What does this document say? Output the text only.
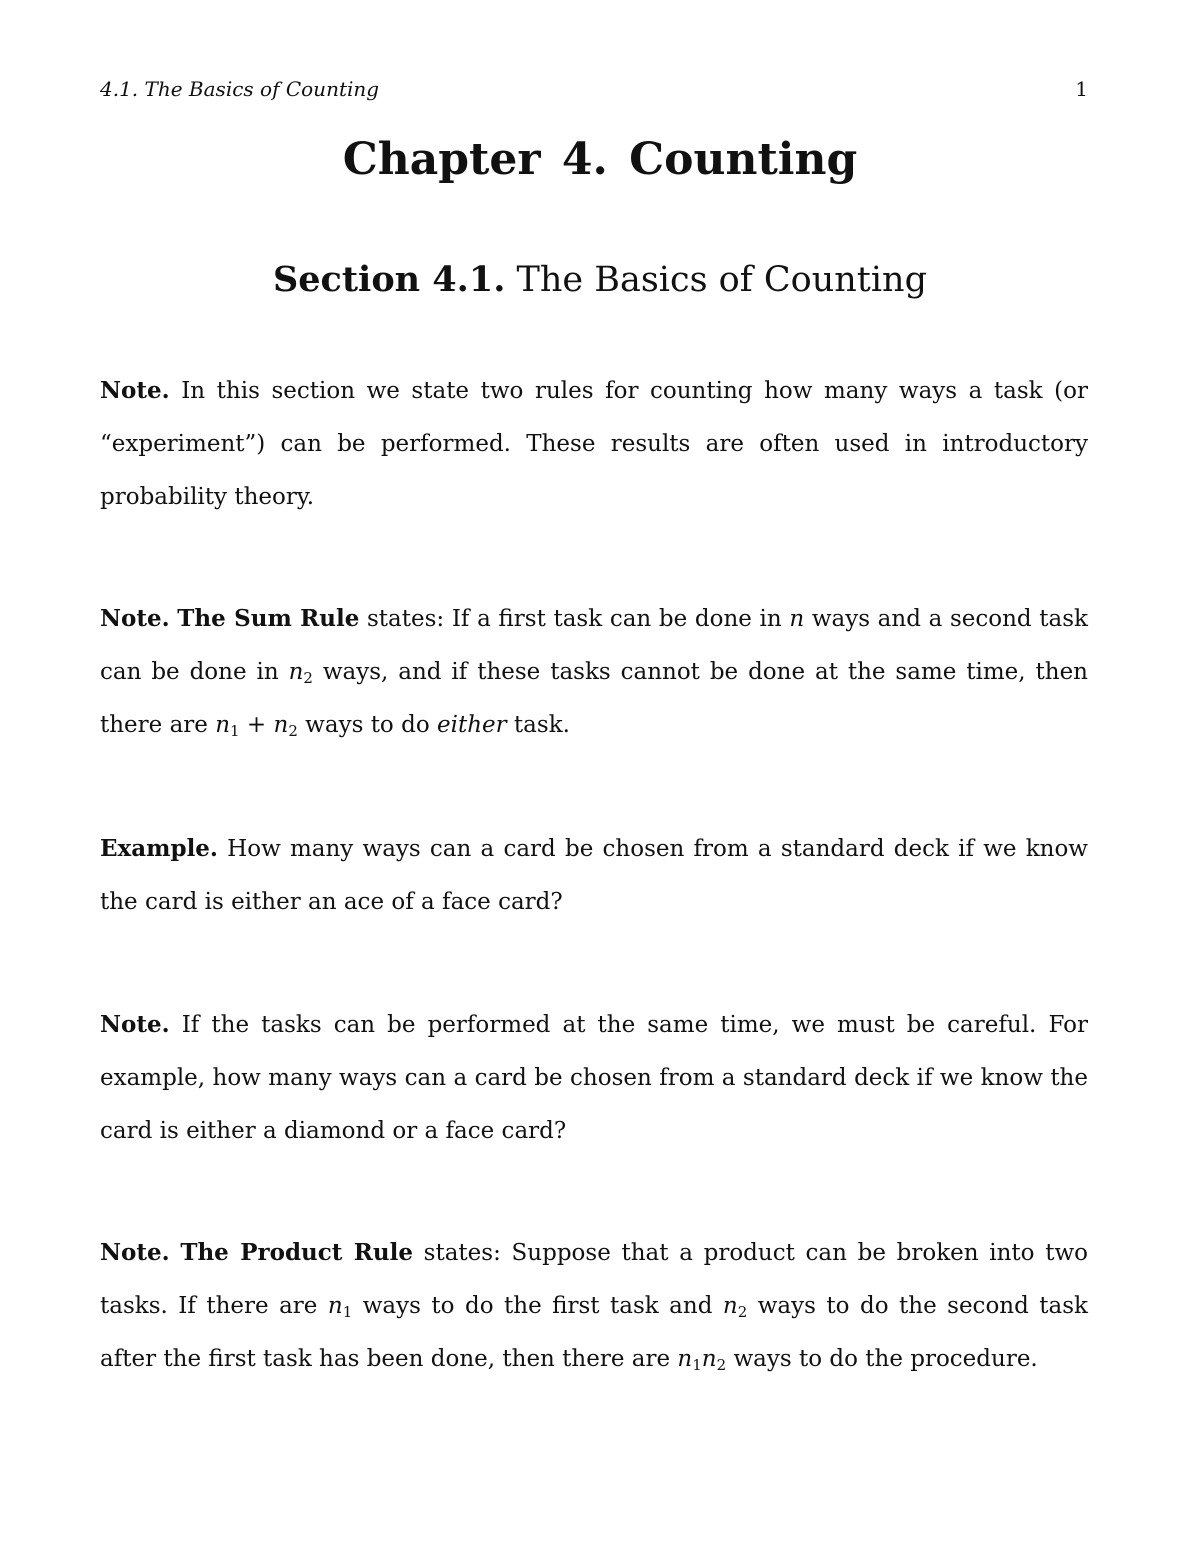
4.1. The Basics of Counting	1
Chapter 4. Counting
Section 4.1. The Basics of Counting
Note. In this section we state two rules for counting how many ways a task (or “experiment”) can be performed. These results are often used in introductory probability theory.
Note. The Sum Rule states: If a first task can be done in n ways and a second task can be done in $n_2$ ways, and if these tasks cannot be done at the same time, then there are $n_1 + n_2$ ways to do either task.
Example. How many ways can a card be chosen from a standard deck if we know the card is either an ace of a face card?
Note. If the tasks can be performed at the same time, we must be careful. For example, how many ways can a card be chosen from a standard deck if we know the card is either a diamond or a face card?
Note. The Product Rule states: Suppose that a product can be broken into two tasks. If there are $n_1$ ways to do the first task and $n_2$ ways to do the second task after the first task has been done, then there are $n_1n_2$ ways to do the procedure.
